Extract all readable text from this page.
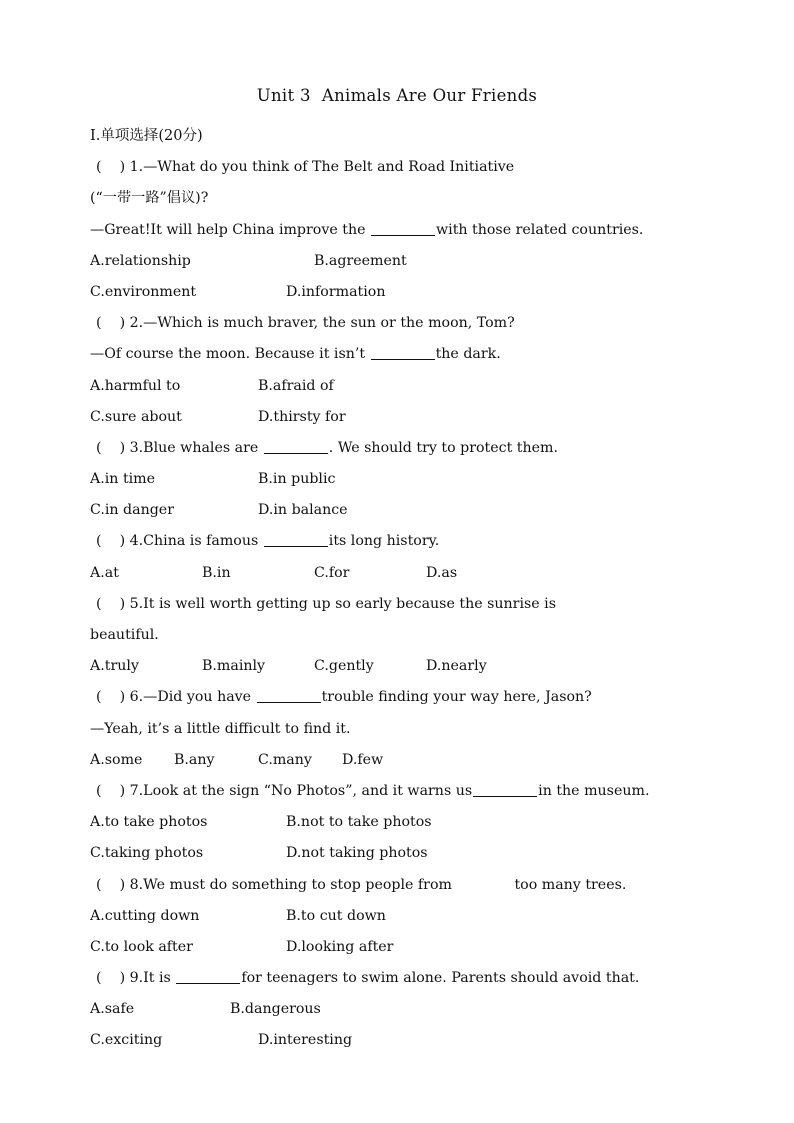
Unit 3  Animals Are Our Friends
Ⅰ.单项选择(20分)
(    ) 1.—What do you think of The Belt and Road Initiative
(“一带一路”倡议)?
—Great!It will help China improve the	with those related countries.
A.relationship	B.agreement
C.environment	D.information
(    ) 2.—Which is much braver, the sun or the moon, Tom?
—Of course the moon. Because it isn’t	the dark.
A.harmful to	B.afraid of
C.sure about	D.thirsty for
(    ) 3.Blue whales are	. We should try to protect them.
A.in time	B.in public
C.in danger	D.in balance
(    ) 4.China is famous	its long history.
A.at	B.in	C.for	D.as
(    ) 5.It is well worth getting up so early because the sunrise is
beautiful.
A.truly	B.mainly	C.gently	D.nearly
(    ) 6.—Did you have	trouble finding your way here, Jason?
—Yeah, it’s a little difficult to find it.
A.some B.any	C.many D.few
(    ) 7.Look at the sign “No Photos”, and it warns us	in the museum.
A.to take photos	B.not to take photos
C.taking photos	D.not taking photos
(    ) 8.We must do something to stop people from	too many trees.
A.cutting down	B.to cut down
C.to look after	D.looking after
(    ) 9.It is	for teenagers to swim alone. Parents should avoid that.
A.safe	B.dangerous
C.exciting	D.interesting
